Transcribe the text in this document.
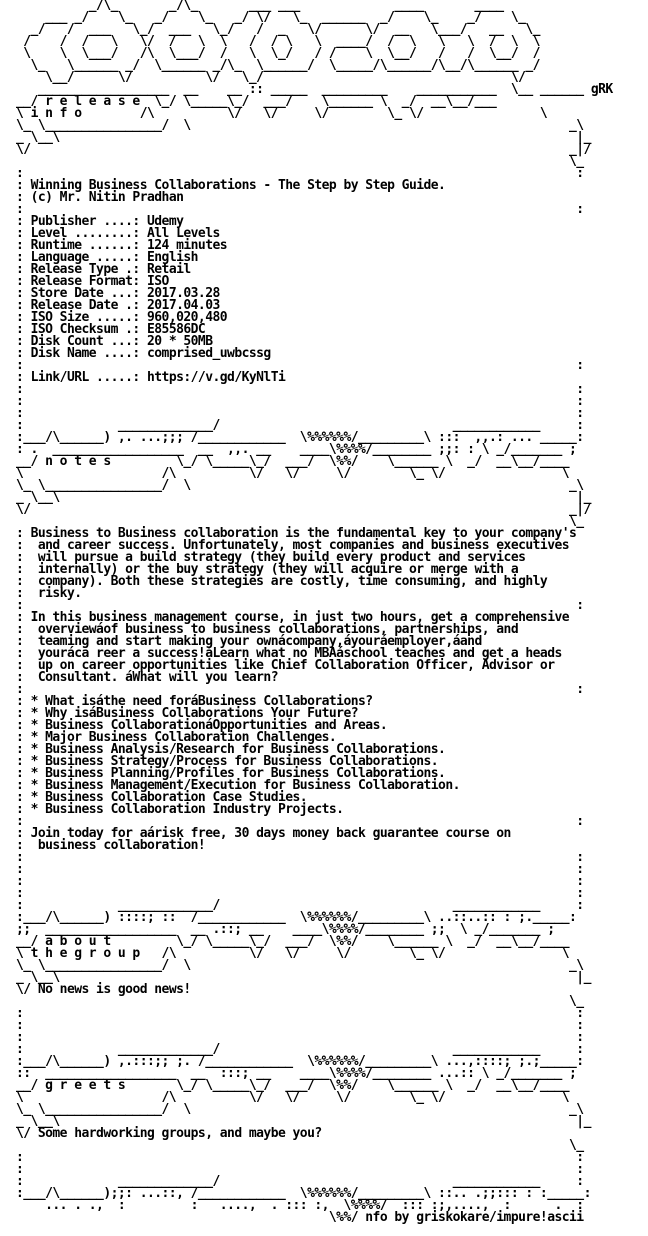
_/\_       _/\_       ___ ___             ____       ____
___ _/    \_   _/    \_   _/ \/   \_  ______  _/    \_    _/    \_
_/   /  ___   \_/  ___   \_/   /  _   \/      \/  __   \___/   __   \_
/    /  /   \   \/  /   \  \   /  / \   \  ____/  /  \   \   \  /  \  \
\    \  \___/   /\  \___/  /   \  \_/   / /    \  \__/   /   /  \__/  /
\_   \______ _/  \______ _/\_  \______/  \_____/\______/\__/\______ _/
\__/      \/          \/   \_/                                  \/
__________________  __    __ :: _____  _________    ___________  \__ ______ gRK
__/ r e l e a s e  \_/ \_____\_/  ___/    \______ \  _/  __\__/___
\ i n f o        /\          \/   \/     \/        \_ \/                \
\_ \________________/  \                                                    _\
_ \__\                                                                       |_
\/                                                                          _|/
\_
:                                                                            :
: Winning Business Collaborations - The Step by Step Guide.
: (c) Mr. Nitin Pradhan
:                                                                            :
: Publisher ....: Udemy
: Level ........: All Levels
: Runtime ......: 124 minutes
: Language .....: English
: Release Type .: Retail
: Release Format: ISO
: Store Date ...: 2017.03.28
: Release Date .: 2017.04.03
: ISO Size .....: 960,020,480
: ISO Checksum .: E85586DC
: Disk Count ...: 20 * 50MB
: Disk Name ....: comprised_uwbcssg
:                                                                            :
: Link/URL .....: https://v.gd/KyNlTi
:                                                                            :
:                                                                            :
:                                                                            :
:             _____________/                                ____________     :
:___/\______) ,. ...;;; /____________  \%%%%%%/_________\ :::  ,,.: ... _____:
: .  __________________  __  ,,. __    ____\%%%%/________ ;;: : \ _/_______ ;
__/ n o t e s         \_/ \_____\_/  ___/  \%%/    \______ \  _/  __\__/____
\                   /\          \/   \/     \/        \_ \/                \
\_ \________________/  \                                                    _\
_ \__\                                                                       |_
\/                                                                          _|/
\_
: Business to Business collaboration is the fundamental key to your company's
:  and career success. Unfortunately, most companies and business executives
:  will pursue a build strategy (they build every product and services
:  internally) or the buy strategy (they will acquire or merge with a
:  company). Both these strategies are costly, time consuming, and highly
:  risky.
:                                                                            :
: In this business management course, in just two hours, get a comprehensive
:  overviewáof business to business collaborations, partnerships, and
:  teaming and start making your ownácompany,áyouráemployer,áand
:  youráca reer a success!áLearn what no MBAáschool teaches and get a heads
:  up on career opportunities like Chief Collaboration Officer, Advisor or
:  Consultant. áWhat will you learn?
:                                                                            :
: * What isáthe need foráBusiness Collaborations?
: * Why isáBusiness Collaborations Your Future?
: * Business CollaborationáOpportunities and Areas.
: * Major Business Collaboration Challenges.
: * Business Analysis/Research for Business Collaborations.
: * Business Strategy/Process for Business Collaborations.
: * Business Planning/Profiles for Business Collaborations.
: * Business Management/Execution for Business Collaboration.
: * Business Collaboration Case Studies.
: * Business Collaboration Industry Projects.
:                                                                            :
: Join today for aárisk free, 30 days money back guarantee course on
:  business collaboration!
:                                                                            :
:                                                                            :
:                                                                            :
:                                                                            :
:             _____________/                                ____________     :
:___/\______) ::::; ::  /____________  \%%%%%%/_________\ ..::..:: : ;._____:
;;  __________________  __ .::; __    ____\%%%%/________ ;;  \ _/_______ ;
__/ a b o u t         \_/ \_____\_/  ___/  \%%/    \______ \  _/  __\__/____
\ t h e g r o u p   /\          \/   \/     \/        \_ \/                \
\_ \________________/  \                                                    _\
_ \__\                                                                       |_
\/ No news is good news!
\_
:                                                                            :
:                                                                            :
:                                                                            :
:             _____________/                                ____________     :
:___/\______) ,.:::;; ;. /____________  \%%%%%%/_________\ ...,::::; ;.;_____:
::  __________________  __  :::; __    ____\%%%%/________ ...:: \ _/_______ ;
__/ g r e e t s       \_/ \_____\_/  ___/  \%%/    \______ \  _/  __\__/____
\                   /\          \/   \/     \/        \_ \/                \
\_ \________________/  \                                                    _\
_ \__\                                                                       |_
\/ Some hardworking groups, and maybe you?
\_
:                                                                            :
:                                                                            :
:             _____________/                                ____________     :
:___/\______);;: ...::, /____________  \%%%%%%/_________\ ::.. .;;::: : :_____:
... . .,  :         :   ....,  . ::: :,  \%%%%/  ::: :;,....,  :      .  :
\%%/ nfo by griskokare/impure!ascii
